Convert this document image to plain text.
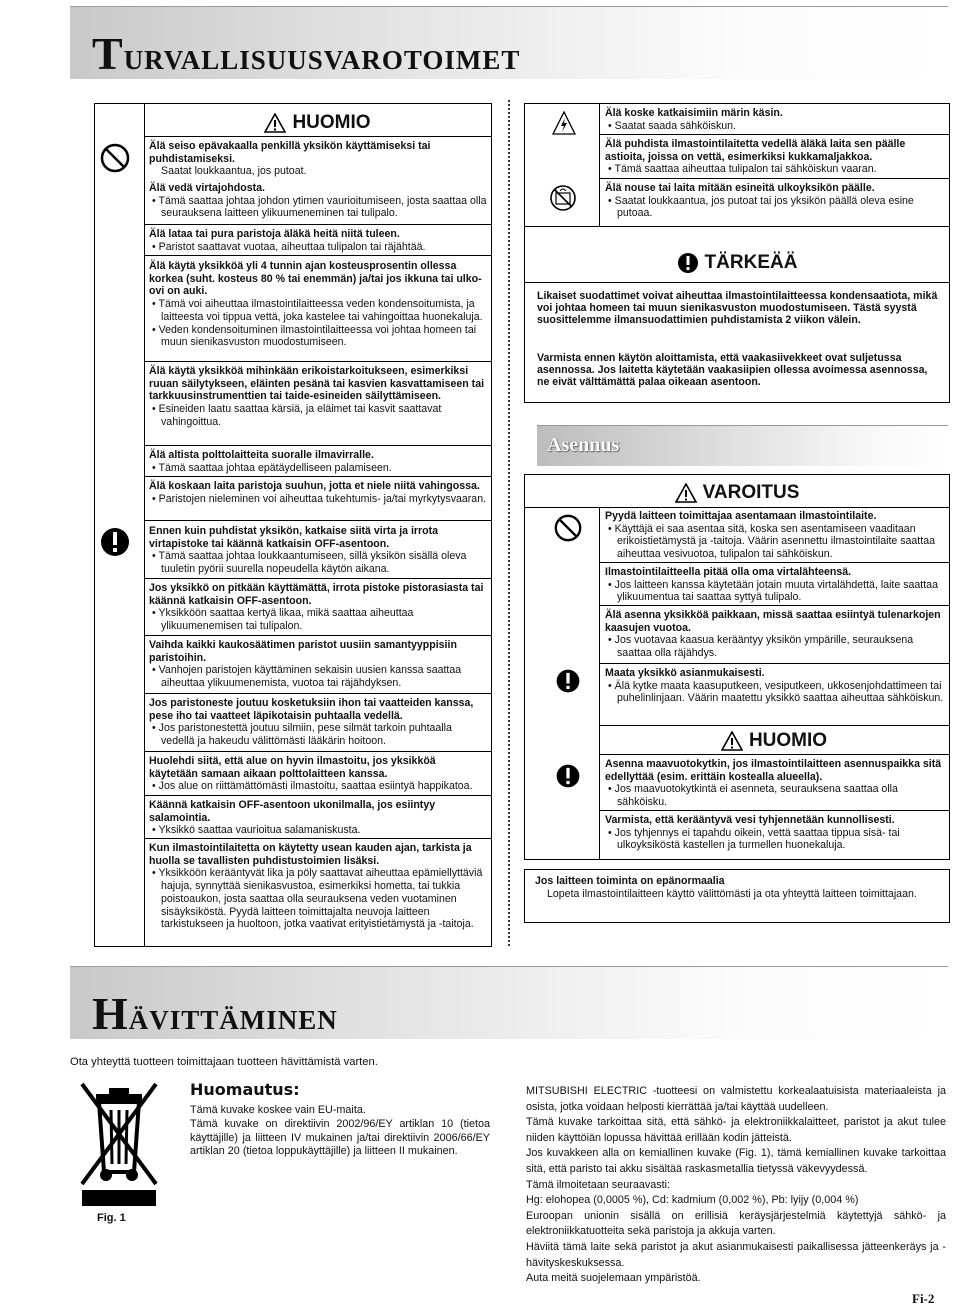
TURVALLISUUSVAROTOIMET
HUOMIO
Älä seiso epävakaalla penkillä yksikön käyttämiseksi tai puhdistamiseksi.
Saatat loukkaantua, jos putoat.
Älä vedä virtajohdosta.
• Tämä saattaa johtaa johdon ytimen vaurioitumiseen, josta saattaa olla seurauksena laitteen ylikuumeneminen tai tulipalo.
Älä lataa tai pura paristoja äläkä heitä niitä tuleen.
• Paristot saattavat vuotaa, aiheuttaa tulipalon tai räjähtää.
Älä käytä yksikköä yli 4 tunnin ajan kosteusprosentin ollessa korkea (suht. kosteus 80 % tai enemmän) ja/tai jos ikkuna tai ulko-ovi on auki.
• Tämä voi aiheuttaa ilmastointilaitteessa veden kondensoitumista, ja laitteesta voi tippua vettä, joka kastelee tai vahingoittaa huonekaluja.
• Veden kondensoituminen ilmastointilaitteessa voi johtaa homeen tai muun sienikasvuston muodostumiseen.
Älä käytä yksikköä mihinkään erikoistarkoitukseen, esimerkiksi ruuan säilytykseen, eläinten pesänä tai kasvien kasvattamiseen tai tarkkuusinstrumenttien tai taide-esineiden säilyttämiseen.
• Esineiden laatu saattaa kärsiä, ja eläimet tai kasvit saattavat vahingoittua.
Älä altista polttolaitteita suoralle ilmavirralle.
• Tämä saattaa johtaa epätäydelliseen palamiseen.
Älä koskaan laita paristoja suuhun, jotta et niele niitä vahingossa.
• Paristojen nieleminen voi aiheuttaa tukehtumis- ja/tai myrkytysvaaran.
Ennen kuin puhdistat yksikön, katkaise siitä virta ja irrota virtapistoke tai käännä katkaisin OFF-asentoon.
• Tämä saattaa johtaa loukkaantumiseen, sillä yksikön sisällä oleva tuuletin pyörii suurella nopeudella käytön aikana.
Jos yksikkö on pitkään käyttämättä, irrota pistoke pistorasiasta tai käännä katkaisin OFF-asentoon.
• Yksikköön saattaa kertyä likaa, mikä saattaa aiheuttaa ylikuumenemisen tai tulipalon.
Vaihda kaikki kaukosäätimen paristot uusiin samantyyppisiin paristoihin.
• Vanhojen paristojen käyttäminen sekaisin uusien kanssa saattaa aiheuttaa ylikuumenemista, vuotoa tai räjähdyksen.
Jos paristoneste joutuu kosketuksiin ihon tai vaatteiden kanssa, pese iho tai vaatteet läpikotaisin puhtaalla vedellä.
• Jos paristonestettä joutuu silmiin, pese silmät tarkoin puhtaalla vedellä ja hakeudu välittömästi lääkärin hoitoon.
Huolehdi siitä, että alue on hyvin ilmastoitu, jos yksikköä käytetään samaan aikaan polttolaitteen kanssa.
• Jos alue on riittämättömästi ilmastoitu, saattaa esiintyä happikatoa.
Käännä katkaisin OFF-asentoon ukonilmalla, jos esiintyy salamointia.
• Yksikkö saattaa vaurioitua salamaniskusta.
Kun ilmastointilaitetta on käytetty usean kauden ajan, tarkista ja huolla se tavallisten puhdistustoimien lisäksi.
• Yksikköön kerääntyvät lika ja pöly saattavat aiheuttaa epämiellyttäviä hajuja, synnyttää sienikasvustoa, esimerkiksi hometta, tai tukkia poistoaukon, josta saattaa olla seurauksena veden vuotaminen sisäyksiköstä. Pyydä laitteen toimittajalta neuvoja laitteen tarkistukseen ja huoltoon, jotka vaativat erityistietämystä ja -taitoja.
Älä koske katkaisimiin märin käsin.
• Saatat saada sähköiskun.
Älä puhdista ilmastointilaitetta vedellä äläkä laita sen päälle astioita, joissa on vettä, esimerkiksi kukkamaljakkoa.
• Tämä saattaa aiheuttaa tulipalon tai sähköiskun vaaran.
Älä nouse tai laita mitään esineitä ulkoyksikön päälle.
• Saatat loukkaantua, jos putoat tai jos yksikön päällä oleva esine putoaa.
TÄRKEÄÄ
Likaiset suodattimet voivat aiheuttaa ilmastointilaitteessa kondensaatiota, mikä voi johtaa homeen tai muun sienikasvuston muodostumiseen. Tästä syystä suosittelemme ilmansuodattimien puhdistamista 2 viikon välein.
Varmista ennen käytön aloittamista, että vaakasiivekkeet ovat suljetussa asennossa. Jos laitetta käytetään vaakasiipien ollessa avoimessa asennossa, ne eivät välttämättä palaa oikeaan asentoon.
Asennus
VAROITUS
Pyydä laitteen toimittajaa asentamaan ilmastointilaite.
• Käyttäjä ei saa asentaa sitä, koska sen asentamiseen vaaditaan erikoistietämystä ja -taitoja. Väärin asennettu ilmastointilaite saattaa aiheuttaa vesivuotoa, tulipalon tai sähköiskun.
Ilmastointilaitteella pitää olla oma virtalähteensä.
• Jos laitteen kanssa käytetään jotain muuta virtalähdettä, laite saattaa ylikuumentua tai saattaa syttyä tulipalo.
Älä asenna yksikköä paikkaan, missä saattaa esiintyä tulenarkojen kaasujen vuotoa.
• Jos vuotavaa kaasua kerääntyy yksikön ympärille, seurauksena saattaa olla räjähdys.
Maata yksikkö asianmukaisesti.
• Älä kytke maata kaasuputkeen, vesiputkeen, ukkosenjohdattimeen tai puhelinlinjaan. Väärin maatettu yksikkö saattaa aiheuttaa sähköiskun.
HUOMIO
Asenna maavuotokytkin, jos ilmastointilaitteen asennuspaikka sitä edellyttää (esim. erittäin kostealla alueella).
• Jos maavuotokytkintä ei asenneta, seurauksena saattaa olla sähköisku.
Varmista, että kerääntyvä vesi tyhjennetään kunnollisesti.
• Jos tyhjennys ei tapahdu oikein, vettä saattaa tippua sisä- tai ulkoyksiköstä kastellen ja turmellen huonekaluja.
Jos laitteen toiminta on epänormaalia
Lopeta ilmastointilaitteen käyttö välittömästi ja ota yhteyttä laitteen toimittajaan.
HÄVITTÄMINEN
Ota yhteyttä tuotteen toimittajaan tuotteen hävittämistä varten.
Fig. 1
Huomautus:
Tämä kuvake koskee vain EU-maita.
Tämä kuvake on direktiivin 2002/96/EY artiklan 10 (tietoa käyttäjille) ja liitteen IV mukainen ja/tai direktiivin 2006/66/EY artiklan 20 (tietoa loppukäyttäjille) ja liitteen II mukainen.
MITSUBISHI ELECTRIC -tuotteesi on valmistettu korkealaatuisista materiaaleista ja osista, jotka voidaan helposti kierrättää ja/tai käyttää uudelleen.
Tämä kuvake tarkoittaa sitä, että sähkö- ja elektroniikkalaitteet, paristot ja akut tulee niiden käyttöiän lopussa hävittää erillään kodin jätteistä.
Jos kuvakkeen alla on kemiallinen kuvake (Fig. 1), tämä kemiallinen kuvake tarkoittaa sitä, että paristo tai akku sisältää raskasmetallia tietyssä väkevyydessä.
Tämä ilmoitetaan seuraavasti:
Hg: elohopea (0,0005 %), Cd: kadmium (0,002 %), Pb: lyijy (0,004 %)
Euroopan unionin sisällä on erillisiä keräysjärjestelmiä käytettyjä sähkö- ja elektroniikkatuotteita sekä paristoja ja akkuja varten.
Häviitä tämä laite sekä paristot ja akut asianmukaisesti paikallisessa jätteenkeräys ja -hävityskeskuksessa.
Auta meitä suojelemaan ympäristöä.
Fi-2
